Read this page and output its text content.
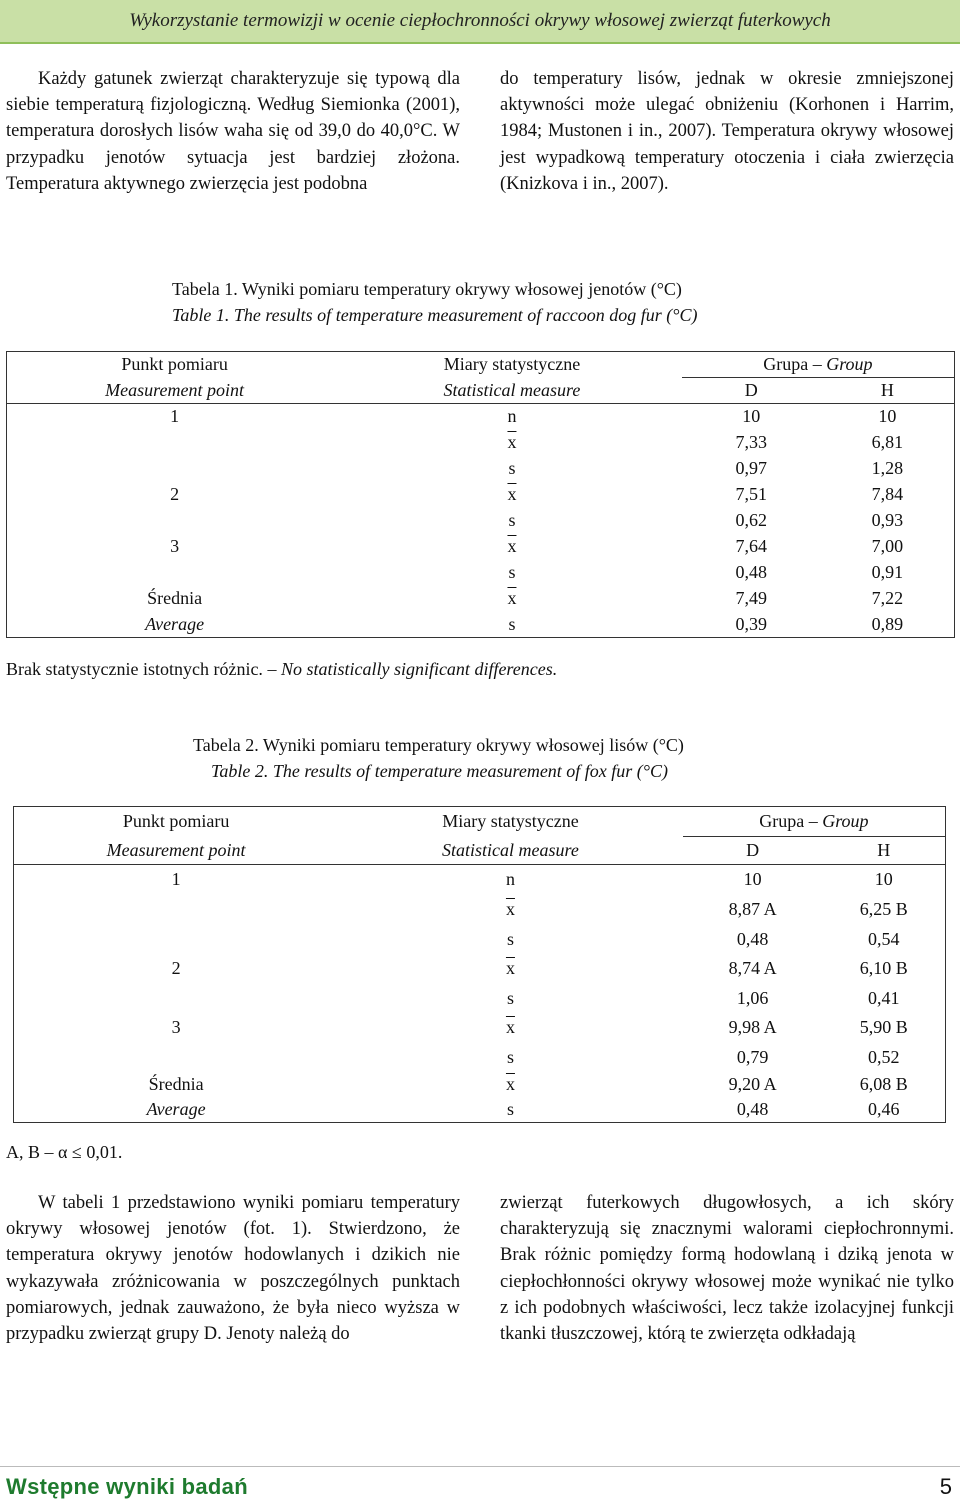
Wykorzystanie termowizji w ocenie ciepłochronności okrywy włosowej zwierząt futerkowych

Każdy gatunek zwierząt charakteryzuje się typową dla siebie temperaturą fizjologiczną. Według Siemionka (2001), temperatura dorosłych lisów waha się od 39,0 do 40,0°C. W przypadku jenotów sytuacja jest bardziej złożona. Temperatura aktywnego zwierzęcia jest podobna

do temperatury lisów, jednak w okresie zmniejszonej aktywności może ulegać obniżeniu (Korhonen i Harrim, 1984; Mustonen i in., 2007). Temperatura okrywy włosowej jest wypadkową temperatury otoczenia i ciała zwierzęcia (Knizkova i in., 2007).

Tabela 1. Wyniki pomiaru temperatury okrywy włosowej jenotów (°C)
Table 1. The results of temperature measurement of raccoon dog fur (°C)
Punkt pomiaru	Miary statystyczne	Grupa – Group	
Measurement point	Statistical measure	D	H
1	n	10	10
	$\overline{x}$	7,33	6,81
	s	0,97	1,28
2	$\overline{x}$	7,51	7,84
	s	0,62	0,93
3	$\overline{x}$	7,64	7,00
	s	0,48	0,91
Średnia	$\overline{x}$	7,49	7,22
Average	s	0,39	0,89
Brak statystycznie istotnych różnic. – No statistically significant differences.
Tabela 2. Wyniki pomiaru temperatury okrywy włosowej lisów (°C)
Table 2. The results of temperature measurement of fox fur (°C)
Punkt pomiaru	Miary statystyczne	Grupa – Group	
Measurement point	Statistical measure	D	H
1	n	10	10
	$\overline{x}$	8,87 A	6,25 B
	s	0,48	0,54
2	$\overline{x}$	8,74 A	6,10 B
	s	1,06	0,41
3	$\overline{x}$	9,98 A	5,90 B
	s	0,79	0,52
Średnia	$\overline{x}$	9,20 A	6,08 B
Average	s	0,48	0,46
A, B – α ≤ 0,01.

W tabeli 1 przedstawiono wyniki pomiaru temperatury okrywy włosowej jenotów (fot. 1). Stwierdzono, że temperatura okrywy jenotów hodowlanych i dzikich nie wykazywała zróżnicowania w poszczególnych punktach pomiarowych, jednak zauważono, że była nieco wyższa w przypadku zwierząt grupy D. Jenoty należą do

zwierząt futerkowych długowłosych, a ich skóry charakteryzują się znacznymi walorami ciepłochronnymi. Brak różnic pomiędzy formą hodowlaną i dziką jenota w ciepłochłonności okrywy włosowej może wynikać nie tylko z ich podobnych właściwości, lecz także izolacyjnej funkcji tkanki tłuszczowej, którą te zwierzęta odkładają

Wstępne wyniki badań	5
